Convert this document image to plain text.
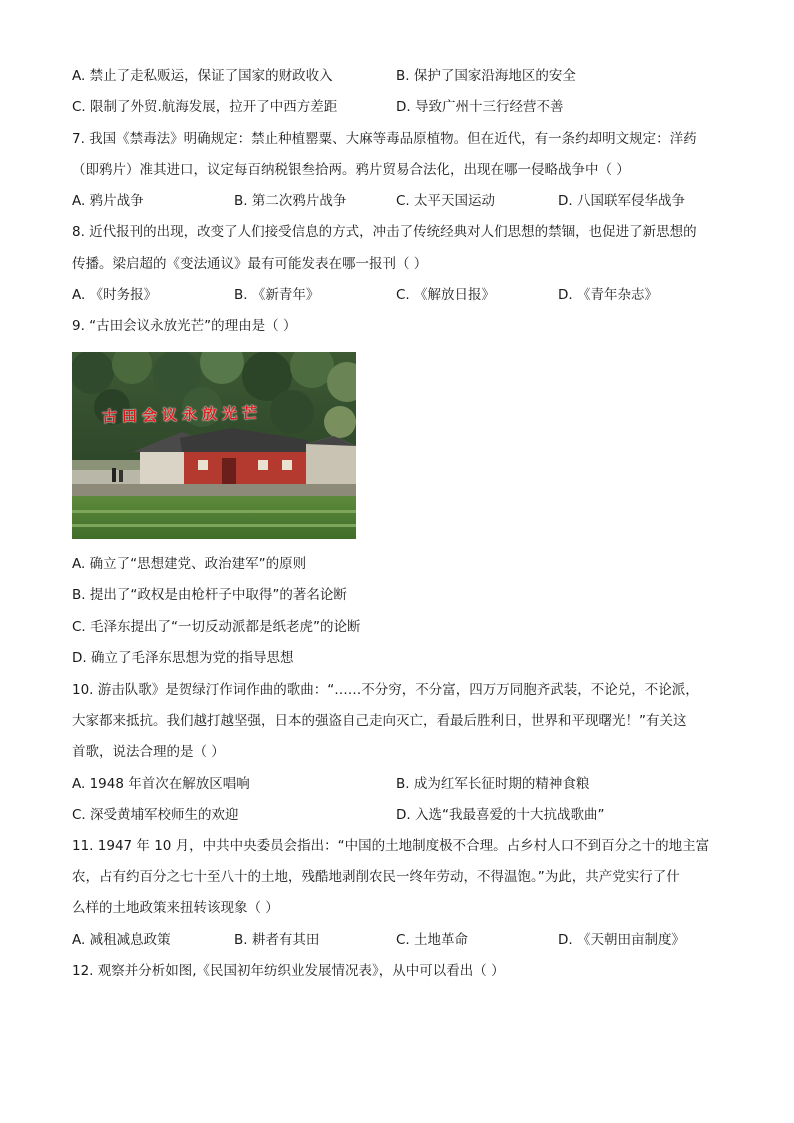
A. 禁止了走私贩运，保证了国家的财政收入	B. 保护了国家沿海地区的安全
C. 限制了外贸.航海发展，拉开了中西方差距	D. 导致广州十三行经营不善
7. 我国《禁毒法》明确规定：禁止种植罂粟、大麻等毒品原植物。但在近代，有一条约却明文规定：洋药
（即鸦片）准其进口，议定每百纳税银叁拾两。鸦片贸易合法化，出现在哪一侵略战争中（ ）
A. 鸦片战争	B. 第二次鸦片战争	C. 太平天国运动	D. 八国联军侵华战争
8. 近代报刊的出现，改变了人们接受信息的方式，冲击了传统经典对人们思想的禁锢，也促进了新思想的
传播。梁启超的《变法通议》最有可能发表在哪一报刊（ ）
A. 《时务报》	B. 《新青年》	C. 《解放日报》	D. 《青年杂志》
9. “古田会议永放光芒”的理由是（ ）
古田会议永放光芒
A. 确立了“思想建党、政治建军”的原则
B. 提出了“政权是由枪杆子中取得”的著名论断
C. 毛泽东提出了“一切反动派都是纸老虎”的论断
D. 确立了毛泽东思想为党的指导思想
10. 游击队歌》是贺绿汀作词作曲的歌曲：“……不分穷，不分富，四万万同胞齐武装，不论兑，不论派，
大家都来抵抗。我们越打越坚强，日本的强盗自己走向灭亡，看最后胜利日，世界和平现曙光！”有关这
首歌，说法合理的是（ ）
A. 1948 年首次在解放区唱响	B. 成为红军长征时期的精神食粮
C. 深受黄埔军校师生的欢迎	D. 入选“我最喜爱的十大抗战歌曲”
11. 1947 年 10 月，中共中央委员会指出：“中国的土地制度极不合理。占乡村人口不到百分之十的地主富
农，占有约百分之七十至八十的土地，残酷地剥削农民一终年劳动，不得温饱。”为此，共产党实行了什
么样的土地政策来扭转该现象（ ）
A. 减租减息政策	B. 耕者有其田	C. 土地革命	D. 《天朝田亩制度》
12. 观察并分析如图,《民国初年纺织业发展情况表》，从中可以看出（ ）
